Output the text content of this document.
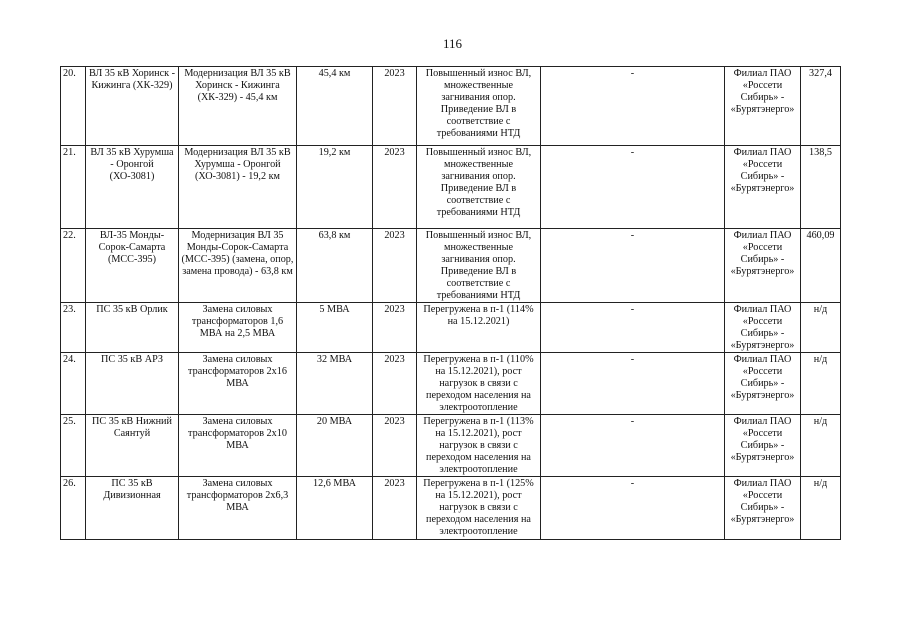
116
20.	ВЛ 35 кВ Хоринск - Кижинга (ХК-329)	Модернизация ВЛ 35 кВ Хоринск - Кижинга (ХК-329) - 45,4 км	45,4 км	2023	Повышенный износ ВЛ, множественные загнивания опор. Приведение ВЛ в соответствие с требованиями НТД	-	Филиал ПАО «Россети Сибирь» - «Бурятэнерго»	327,4
21.	ВЛ 35 кВ Хурумша - Оронгой (ХО-3081)	Модернизация ВЛ 35 кВ Хурумша - Оронгой (ХО-3081) - 19,2 км	19,2 км	2023	Повышенный износ ВЛ, множественные загнивания опор. Приведение ВЛ в соответствие с требованиями НТД	-	Филиал ПАО «Россети Сибирь» - «Бурятэнерго»	138,5
22.	ВЛ-35 Монды-Сорок-Самарта (МСС-395)	Модернизация ВЛ 35 Монды-Сорок-Самарта (МСС-395) (замена, опор, замена провода) - 63,8 км	63,8 км	2023	Повышенный износ ВЛ, множественные загнивания опор. Приведение ВЛ в соответствие с требованиями НТД	-	Филиал ПАО «Россети Сибирь» - «Бурятэнерго»	460,09
23.	ПС 35 кВ Орлик	Замена силовых трансформаторов 1,6 МВА на 2,5 МВА	5 МВА	2023	Перегружена в п-1 (114% на 15.12.2021)	-	Филиал ПАО «Россети Сибирь» - «Бурятэнерго»	н/д
24.	ПС 35 кВ АРЗ	Замена силовых трансформаторов 2х16 МВА	32 МВА	2023	Перегружена в п-1 (110% на 15.12.2021), рост нагрузок в связи с переходом населения на электроотопление	-	Филиал ПАО «Россети Сибирь» - «Бурятэнерго»	н/д
25.	ПС 35 кВ Нижний Саянтуй	Замена силовых трансформаторов 2х10 МВА	20 МВА	2023	Перегружена в п-1 (113% на 15.12.2021), рост нагрузок в связи с переходом населения на электроотопление	-	Филиал ПАО «Россети Сибирь» - «Бурятэнерго»	н/д
26.	ПС 35 кВ Дивизионная	Замена силовых трансформаторов 2х6,3 МВА	12,6 МВА	2023	Перегружена в п-1 (125% на 15.12.2021), рост нагрузок в связи с переходом населения на электроотопление	-	Филиал ПАО «Россети Сибирь» - «Бурятэнерго»	н/д
